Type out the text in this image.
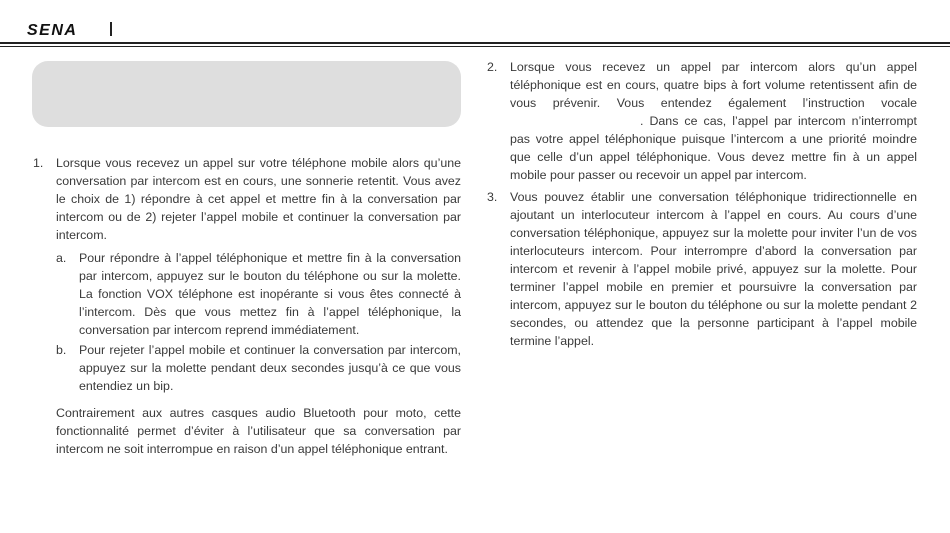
SENA
1.	Lorsque vous recevez un appel sur votre téléphone mobile alors qu’une conversation par intercom est en cours, une sonnerie retentit. Vous avez le choix de 1) répondre à cet appel et mettre fin à la conversation par intercom ou de 2) rejeter l’appel mobile et continuer la conversation par intercom.

a.	Pour répondre à l’appel téléphonique et mettre fin à la conversation par intercom, appuyez sur le bouton du téléphone ou sur la molette. La fonction VOX téléphone est inopérante si vous êtes connecté à l’intercom. Dès que vous mettez fin à l’appel téléphonique, la conversation par intercom reprend immédiatement.

b.	Pour rejeter l’appel mobile et continuer la conversation par intercom, appuyez sur la molette pendant deux secondes jusqu’à ce que vous entendiez un bip.

Contrairement aux autres casques audio Bluetooth pour moto, cette fonctionnalité permet d’éviter à l’utilisateur que sa conversation par intercom ne soit interrompue en raison d’un appel téléphonique entrant.

2.	Lorsque vous recevez un appel par intercom alors qu’un appel téléphonique est en cours, quatre bips à fort volume retentissent afin de vous prévenir. Vous entendez également l’instruction vocale . Dans ce cas, l’appel par intercom n’interrompt pas votre appel téléphonique puisque l’intercom a une priorité moindre que celle d’un appel téléphonique. Vous devez mettre fin à un appel mobile pour passer ou recevoir un appel par intercom.

3.	Vous pouvez établir une conversation téléphonique tridirectionnelle en ajoutant un interlocuteur intercom à l’appel en cours. Au cours d’une conversation téléphonique, appuyez sur la molette pour inviter l’un de vos interlocuteurs intercom. Pour interrompre d’abord la conversation par intercom et revenir à l’appel mobile privé, appuyez sur la molette. Pour terminer l’appel mobile en premier et poursuivre la conversation par intercom, appuyez sur le bouton du téléphone ou sur la molette pendant 2 secondes, ou attendez que la personne participant à l’appel mobile termine l’appel.
